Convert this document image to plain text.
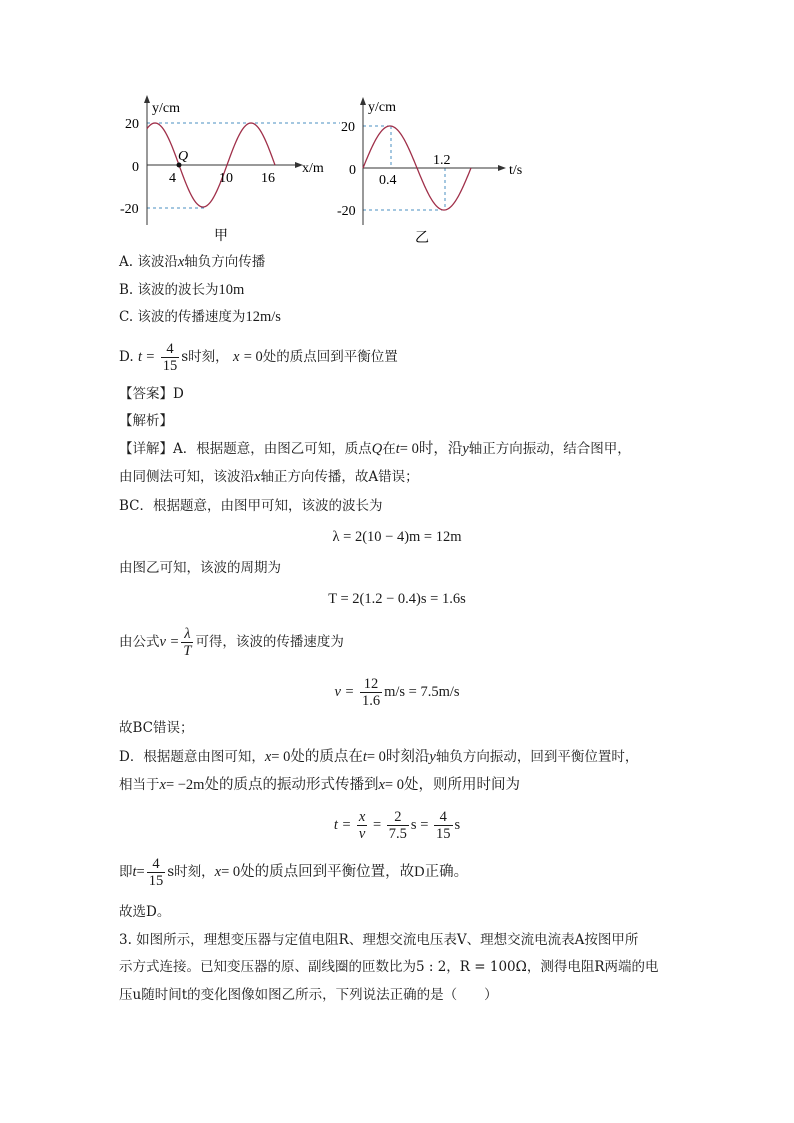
y/cm
x/m
20
0
-20
4	10 16
Q
甲
y/cm
t/s
20
0
-20
0.4
1.2
乙
A. 该波沿x轴负方向传播
B. 该波的波长为10m
C. 该波的传播速度为12m/s
D. $t = \frac{4}{15}$ s时刻， x = 0处的质点回到平衡位置
【答案】D
【解析】
【详解】A．根据题意，由图乙可知，质点Q在t= 0时，沿y轴正方向振动，结合图甲，
由同侧法可知，该波沿x轴正方向传播，故A错误；
BC．根据题意，由图甲可知，该波的波长为
λ = 2(10 − 4)m = 12m
由图乙可知，该波的周期为
T = 2(1.2 − 0.4)s = 1.6s
由公式$v = \frac{\lambda}{T}$ 可得，该波的传播速度为
$v = \frac{12}{1.6} m/s = 7.5m/s$
故BC错误；
D．根据题意由图可知，x= 0处的质点在t= 0时刻沿y轴负方向振动，回到平衡位置时，
相当于x= −2m处的质点的振动形式传播到x= 0处，则所用时间为
$t = \frac{x}{v} = \frac{2}{7.5}$ $s = \frac{4}{15}$ s
即$t= \frac{4}{15}$ s时刻，x= 0处的质点回到平衡位置，故D正确。
故选D。
3. 如图所示，理想变压器与定值电阻R、理想交流电压表V、理想交流电流表A按图甲所
示方式连接。已知变压器的原、副线圈的匝数比为5 : 2，R = 100Ω，测得电阻R两端的电
压u随时间t的变化图像如图乙所示，下列说法正确的是（　　）
